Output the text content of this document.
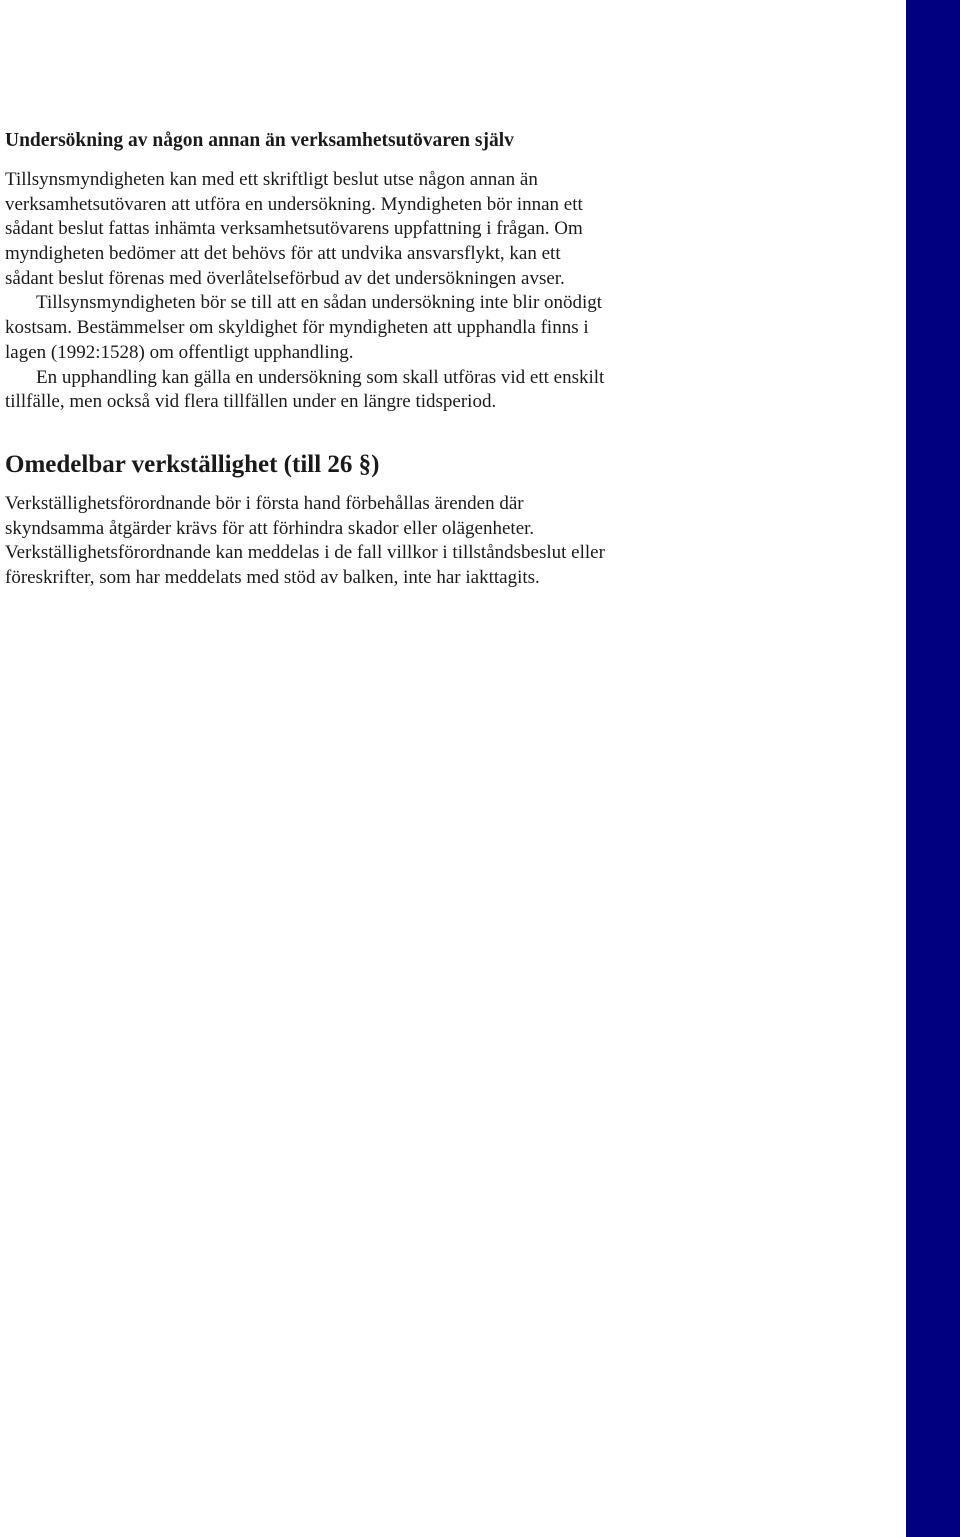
Undersökning av någon annan än verksamhetsutövaren själv
Tillsynsmyndigheten kan med ett skriftligt beslut utse någon annan än
verksamhetsutövaren att utföra en undersökning. Myndigheten bör innan ett
sådant beslut fattas inhämta verksamhetsutövarens uppfattning i frågan. Om
myndigheten bedömer att det behövs för att undvika ansvarsflykt, kan ett
sådant beslut förenas med överlåtelseförbud av det undersökningen avser.
Tillsynsmyndigheten bör se till att en sådan undersökning inte blir onödigt
kostsam. Bestämmelser om skyldighet för myndigheten att upphandla finns i
lagen (1992:1528) om offentligt upphandling.
En upphandling kan gälla en undersökning som skall utföras vid ett enskilt
tillfälle, men också vid flera tillfällen under en längre tidsperiod.
Omedelbar verkställighet (till 26 §)
Verkställighetsförordnande bör i första hand förbehållas ärenden där
skyndsamma åtgärder krävs för att förhindra skador eller olägenheter.
Verkställighetsförordnande kan meddelas i de fall villkor i tillståndsbeslut eller
föreskrifter, som har meddelats med stöd av balken, inte har iakttagits.
